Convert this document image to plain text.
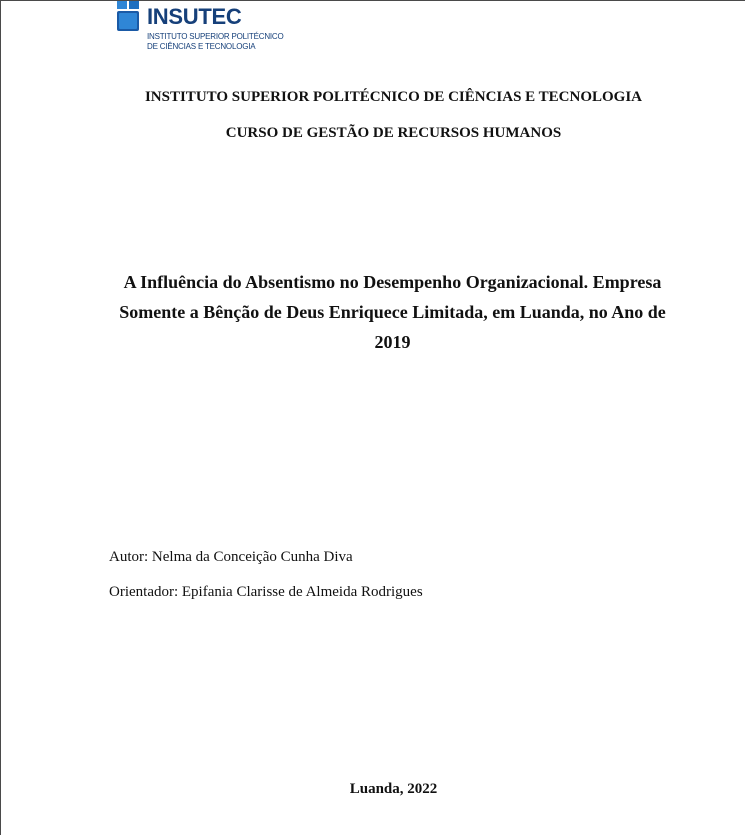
INSUTEC
INSTITUTO SUPERIOR POLITÉCNICO
DE CIÊNCIAS E TECNOLOGIA
INSTITUTO SUPERIOR POLITÉCNICO DE CIÊNCIAS E TECNOLOGIA
CURSO DE GESTÃO DE RECURSOS HUMANOS
A Influência do Absentismo no Desempenho Organizacional. Empresa Somente a Bênção de Deus Enriquece Limitada, em Luanda, no Ano de 2019
Autor: Nelma da Conceição Cunha Diva
Orientador: Epifania Clarisse de Almeida Rodrigues
Luanda, 2022
